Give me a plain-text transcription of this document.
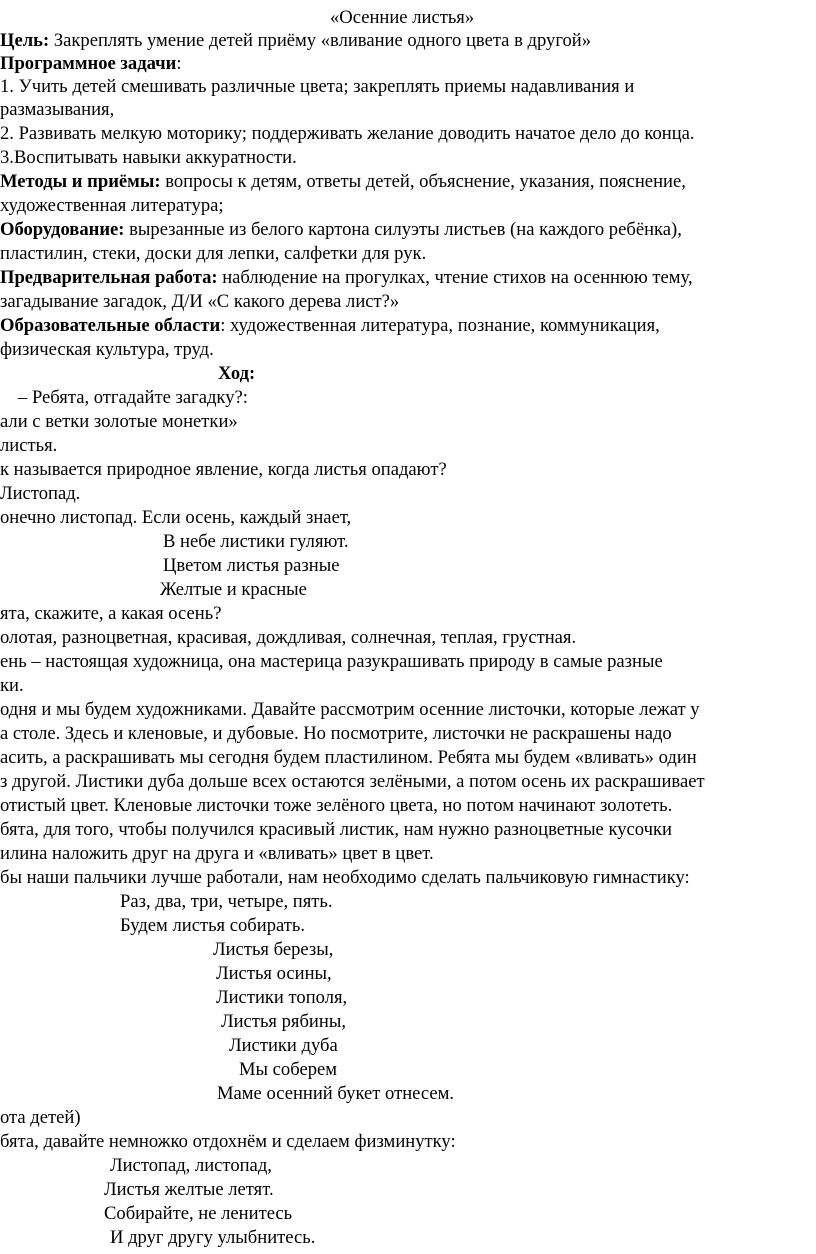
«Осенние листья»
Цель: Закреплять умение детей приёму «вливание одного цвета в другой»
Программное задачи:
1. Учить детей смешивать различные цвета; закреплять приемы надавливания и
размазывания,
2. Развивать мелкую моторику; поддерживать желание доводить начатое дело до конца.
3.Воспитывать навыки аккуратности.
Методы и приёмы: вопросы к детям, ответы детей, объяснение, указания, пояснение,
художественная литература;
Оборудование: вырезанные из белого картона силуэты листьев (на каждого ребёнка),
пластилин, стеки, доски для лепки, салфетки для рук.
Предварительная работа: наблюдение на прогулках, чтение стихов на осеннюю тему,
загадывание загадок, Д/И «С какого дерева лист?»
Образовательные области: художественная литература, познание, коммуникация,
физическая культура, труд.
Ход:
– Ребята, отгадайте загадку?:
али с ветки золотые монетки»
листья.
к называется природное явление, когда листья опадают?
Листопад.
онечно листопад. Если осень, каждый знает,
В небе листики гуляют.
Цветом листья разные
Желтые и красные
ята, скажите, а какая осень?
олотая, разноцветная, красивая, дождливая, солнечная, теплая, грустная.
ень – настоящая художница, она мастерица разукрашивать природу в самые разные
ки.
одня и мы будем художниками. Давайте рассмотрим осенние листочки, которые лежат у
а столе. Здесь и кленовые, и дубовые. Но посмотрите, листочки не раскрашены надо
асить, а раскрашивать мы сегодня будем пластилином. Ребята мы будем «вливать» один
з другой. Листики дуба дольше всех остаются зелёными, а потом осень их раскрашивает
отистый цвет. Кленовые листочки тоже зелёного цвета, но потом начинают золотеть.
бята, для того, чтобы получился красивый листик, нам нужно разноцветные кусочки
илина наложить друг на друга и «вливать» цвет в цвет.
бы наши пальчики лучше работали, нам необходимо сделать пальчиковую гимнастику:
Раз, два, три, четыре, пять.
Будем листья собирать.
Листья березы,
Листья осины,
Листики тополя,
Листья рябины,
Листики дуба
Мы соберем
Маме осенний букет отнесем.
ота детей)
бята, давайте немножко отдохнём и сделаем физминутку:
Листопад, листопад,
Листья желтые летят.
Собирайте, не ленитесь
И друг другу улыбнитесь.
